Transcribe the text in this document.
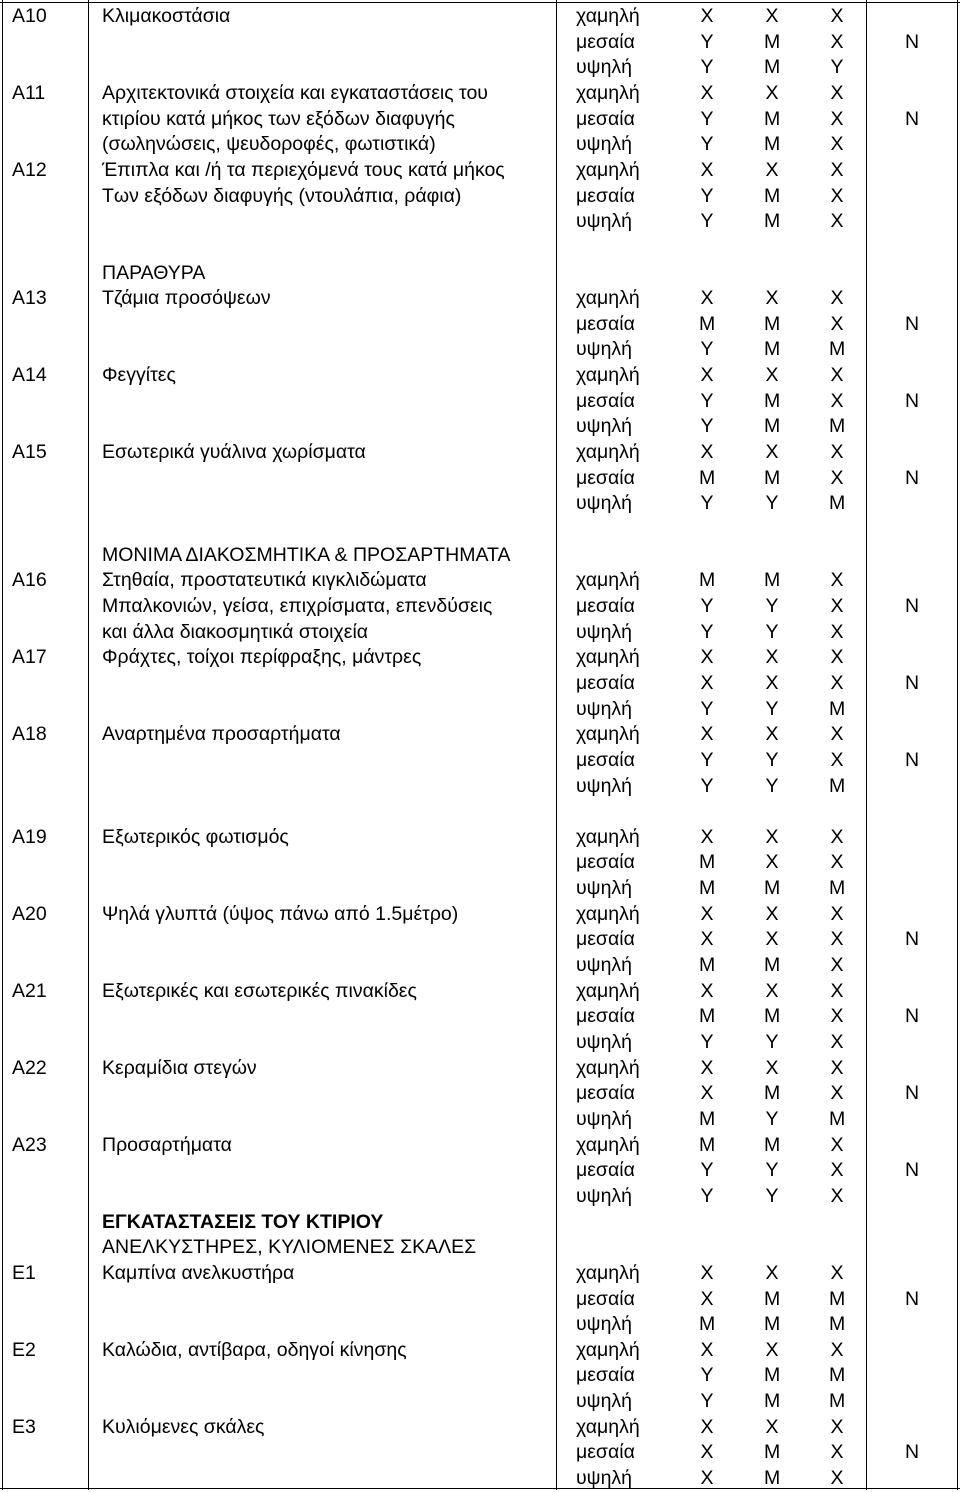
A10	Κλιμακοστάσια	χαμηλή	X	X	X
μεσαία	Y	M	X	N
υψηλή	Y	M	Y
A11	Αρχιτεκτονικά στοιχεία και εγκαταστάσεις του	χαμηλή	X	X	X
κτιρίου κατά μήκος των εξόδων διαφυγής	μεσαία	Y	M	X	N
(σωληνώσεις, ψευδοροφές, φωτιστικά)	υψηλή	Y	M	X
A12	Έπιπλα και /ή τα περιεχόμενά τους κατά μήκος	χαμηλή	X	X	X
Των εξόδων διαφυγής (ντουλάπια, ράφια)	μεσαία	Y	M	X
υψηλή	Y	M	X
ΠΑΡΑΘΥΡΑ
A13	Τζάμια προσόψεων	χαμηλή	X	X	X
μεσαία	M	M	X	N
υψηλή	Y	M	M
A14	Φεγγίτες	χαμηλή	X	X	X
μεσαία	Y	M	X	N
υψηλή	Y	M	M
A15	Εσωτερικά γυάλινα χωρίσματα	χαμηλή	X	X	X
μεσαία	M	M	X	N
υψηλή	Y	Y	M
ΜΟΝΙΜΑ ΔΙΑΚΟΣΜΗΤΙΚΑ & ΠΡΟΣΑΡΤΗΜΑΤΑ
A16	Στηθαία, προστατευτικά κιγκλιδώματα	χαμηλή	M	M	X
Μπαλκονιών, γείσα, επιχρίσματα, επενδύσεις	μεσαία	Y	Y	X	N
και άλλα διακοσμητικά στοιχεία	υψηλή	Y	Y	X
A17	Φράχτες, τοίχοι περίφραξης, μάντρες	χαμηλή	X	X	X
μεσαία	X	X	X	N
υψηλή	Y	Y	M
A18	Αναρτημένα προσαρτήματα	χαμηλή	X	X	X
μεσαία	Y	Y	X	N
υψηλή	Y	Y	M
A19	Εξωτερικός φωτισμός	χαμηλή	X	X	X
μεσαία	M	X	X
υψηλή	M	M	M
A20	Ψηλά γλυπτά (ύψος πάνω από 1.5μέτρο)	χαμηλή	X	X	X
μεσαία	X	X	X	N
υψηλή	M	M	X
A21	Εξωτερικές και εσωτερικές πινακίδες	χαμηλή	X	X	X
μεσαία	M	M	X	N
υψηλή	Y	Y	X
A22	Κεραμίδια στεγών	χαμηλή	X	X	X
μεσαία	X	M	X	N
υψηλή	M	Y	M
A23	Προσαρτήματα	χαμηλή	M	M	X
μεσαία	Y	Y	X	N
υψηλή	Y	Y	X
ΕΓΚΑΤΑΣΤΑΣΕΙΣ ΤΟΥ ΚΤΙΡΙΟΥ
ΑΝΕΛΚΥΣΤΗΡΕΣ, ΚΥΛΙΟΜΕΝΕΣ ΣΚΑΛΕΣ
E1	Καμπίνα ανελκυστήρα	χαμηλή	X	X	X
μεσαία	X	M	M	N
υψηλή	M	M	M
E2	Καλώδια, αντίβαρα, οδηγοί κίνησης	χαμηλή	X	X	X
μεσαία	Y	M	M
υψηλή	Y	M	M
E3	Κυλιόμενες σκάλες	χαμηλή	X	X	X
μεσαία	X	M	X	N
υψηλή	X	M	X
